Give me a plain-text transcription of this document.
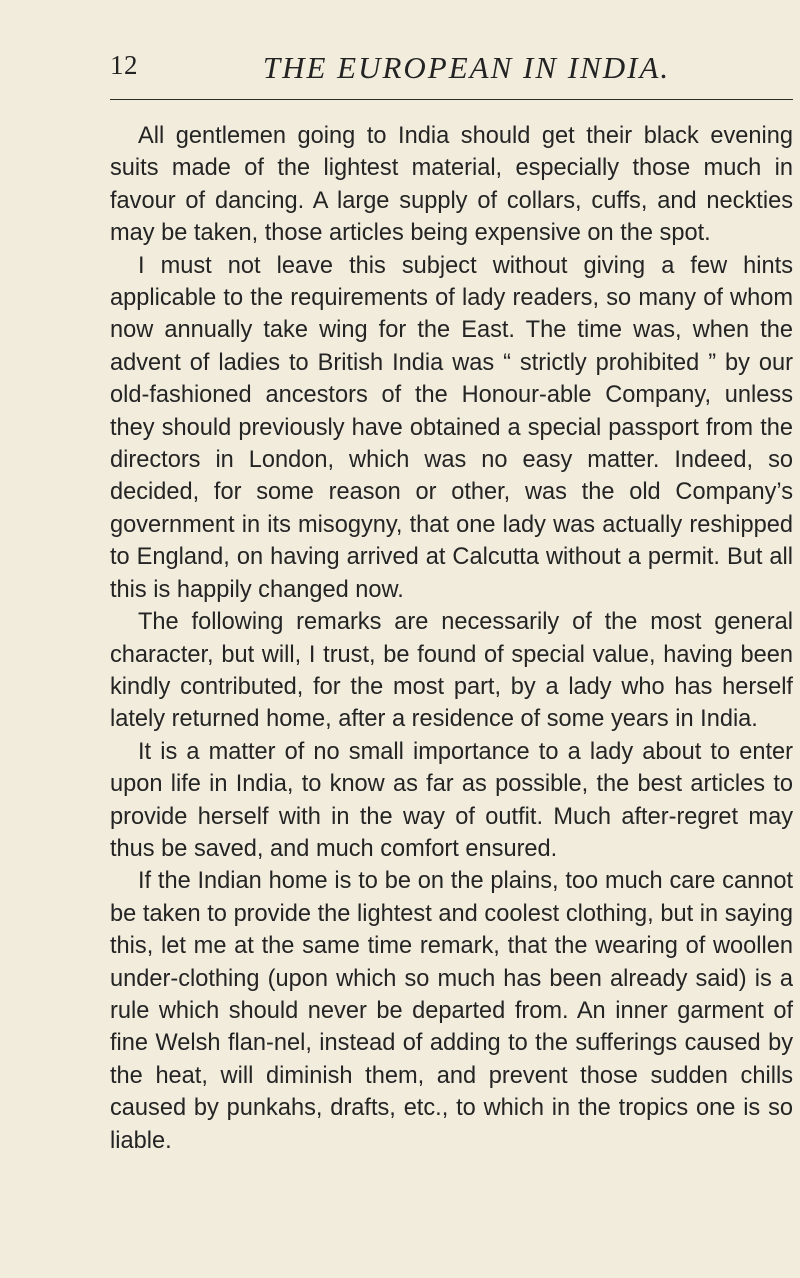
12	THE EUROPEAN IN INDIA.

All gentlemen going to India should get their black evening suits made of the lightest material, especially those much in favour of dancing. A large supply of collars, cuffs, and neckties may be taken, those articles being expensive on the spot.

I must not leave this subject without giving a few hints applicable to the requirements of lady readers, so many of whom now annually take wing for the East. The time was, when the advent of ladies to British India was “ strictly prohibited ” by our old-fashioned ancestors of the Honour-able Company, unless they should previously have obtained a special passport from the directors in London, which was no easy matter. Indeed, so decided, for some reason or other, was the old Company’s government in its misogyny, that one lady was actually reshipped to England, on having arrived at Calcutta without a permit. But all this is happily changed now.

The following remarks are necessarily of the most general character, but will, I trust, be found of special value, having been kindly contributed, for the most part, by a lady who has herself lately returned home, after a residence of some years in India.

It is a matter of no small importance to a lady about to enter upon life in India, to know as far as possible, the best articles to provide herself with in the way of outfit. Much after-regret may thus be saved, and much comfort ensured.

If the Indian home is to be on the plains, too much care cannot be taken to provide the lightest and coolest clothing, but in saying this, let me at the same time remark, that the wearing of woollen under-clothing (upon which so much has been already said) is a rule which should never be departed from. An inner garment of fine Welsh flan-nel, instead of adding to the sufferings caused by the heat, will diminish them, and prevent those sudden chills caused by punkahs, drafts, etc., to which in the tropics one is so liable.
